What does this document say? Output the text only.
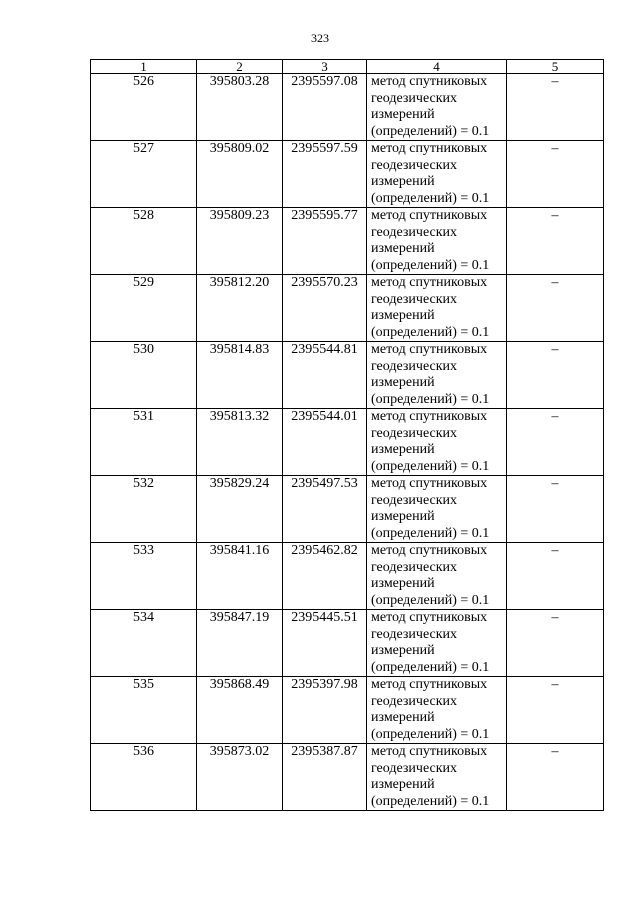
323
1	2	3	4	5
526	395803.28	2395597.08	метод спутниковых
геодезических
измерений
(определений) = 0.1	–
527	395809.02	2395597.59	метод спутниковых
геодезических
измерений
(определений) = 0.1	–
528	395809.23	2395595.77	метод спутниковых
геодезических
измерений
(определений) = 0.1	–
529	395812.20	2395570.23	метод спутниковых
геодезических
измерений
(определений) = 0.1	–
530	395814.83	2395544.81	метод спутниковых
геодезических
измерений
(определений) = 0.1	–
531	395813.32	2395544.01	метод спутниковых
геодезических
измерений
(определений) = 0.1	–
532	395829.24	2395497.53	метод спутниковых
геодезических
измерений
(определений) = 0.1	–
533	395841.16	2395462.82	метод спутниковых
геодезических
измерений
(определений) = 0.1	–
534	395847.19	2395445.51	метод спутниковых
геодезических
измерений
(определений) = 0.1	–
535	395868.49	2395397.98	метод спутниковых
геодезических
измерений
(определений) = 0.1	–
536	395873.02	2395387.87	метод спутниковых
геодезических
измерений
(определений) = 0.1	–
